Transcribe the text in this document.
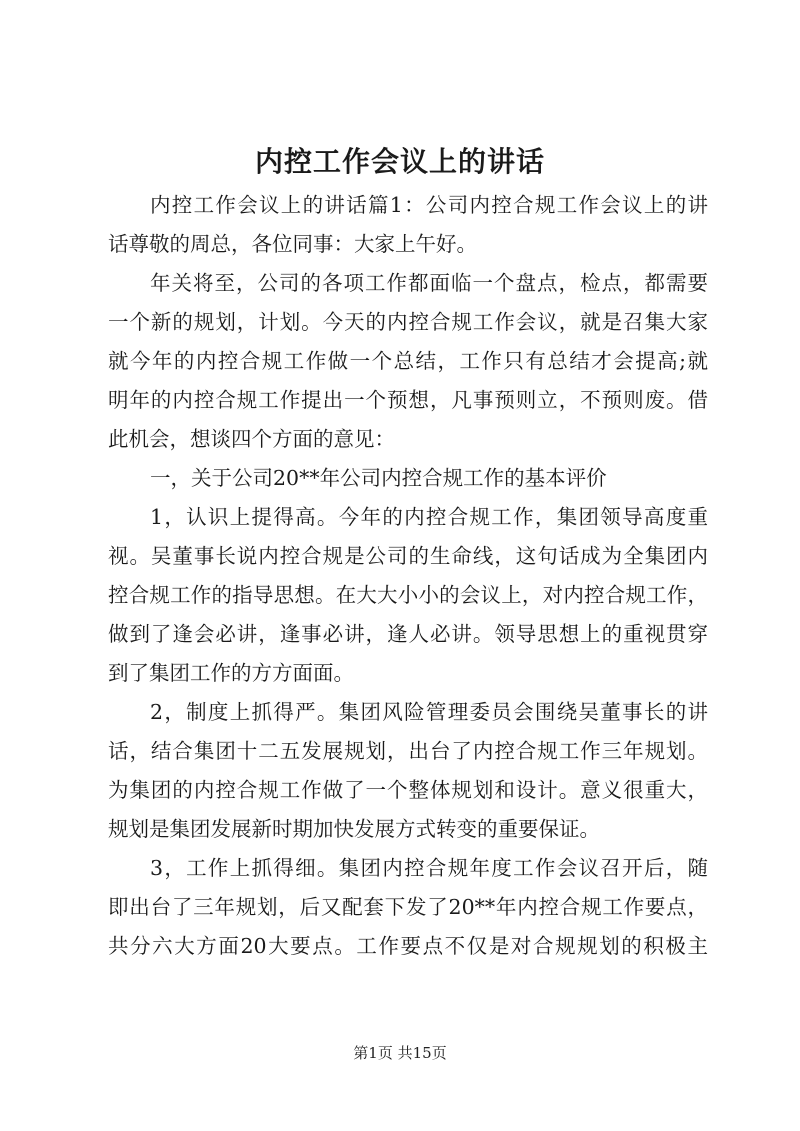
内控工作会议上的讲话
内控工作会议上的讲话篇1：公司内控合规工作会议上的讲
话尊敬的周总，各位同事：大家上午好。
年关将至，公司的各项工作都面临一个盘点，检点，都需要
一个新的规划，计划。今天的内控合规工作会议，就是召集大家
就今年的内控合规工作做一个总结，工作只有总结才会提高;就
明年的内控合规工作提出一个预想，凡事预则立，不预则废。借
此机会，想谈四个方面的意见：
一，关于公司20**年公司内控合规工作的基本评价
1，认识上提得高。今年的内控合规工作，集团领导高度重
视。吴董事长说内控合规是公司的生命线，这句话成为全集团内
控合规工作的指导思想。在大大小小的会议上，对内控合规工作，
做到了逢会必讲，逢事必讲，逢人必讲。领导思想上的重视贯穿
到了集团工作的方方面面。
2，制度上抓得严。集团风险管理委员会围绕吴董事长的讲
话，结合集团十二五发展规划，出台了内控合规工作三年规划。
为集团的内控合规工作做了一个整体规划和设计。意义很重大，
规划是集团发展新时期加快发展方式转变的重要保证。
3，工作上抓得细。集团内控合规年度工作会议召开后，随
即出台了三年规划，后又配套下发了20**年内控合规工作要点，
共分六大方面20大要点。工作要点不仅是对合规规划的积极主
第1页 共15页
